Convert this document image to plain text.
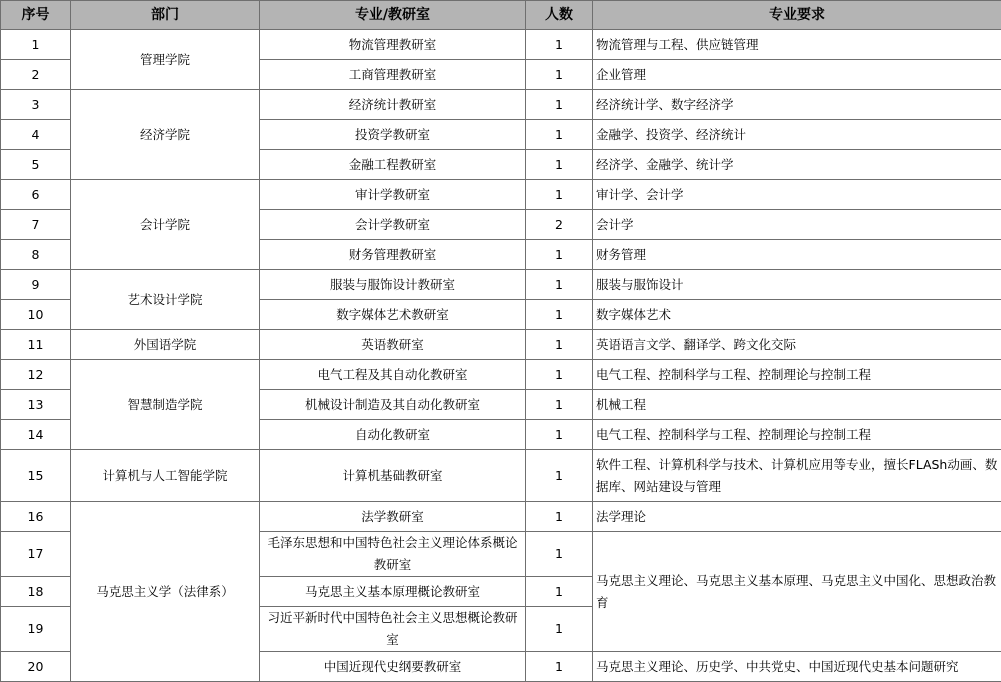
序号	部门	专业/教研室	人数	专业要求
1	管理学院	物流管理教研室	1	物流管理与工程、供应链管理
2		工商管理教研室	1	企业管理
3	经济学院	经济统计教研室	1	经济统计学、数字经济学
4		投资学教研室	1	金融学、投资学、经济统计
5		金融工程教研室	1	经济学、金融学、统计学
6	会计学院	审计学教研室	1	审计学、会计学
7		会计学教研室	2	会计学
8		财务管理教研室	1	财务管理
9	艺术设计学院	服装与服饰设计教研室	1	服装与服饰设计
10		数字媒体艺术教研室	1	数字媒体艺术
11	外国语学院	英语教研室	1	英语语言文学、翻译学、跨文化交际
12	智慧制造学院	电气工程及其自动化教研室	1	电气工程、控制科学与工程、控制理论与控制工程
13		机械设计制造及其自动化教研室	1	机械工程
14		自动化教研室	1	电气工程、控制科学与工程、控制理论与控制工程
15	计算机与人工智能学院	计算机基础教研室	1	软件工程、计算机科学与技术、计算机应用等专业，擅长FLASh动画、数据库、网站建设与管理
16	马克思主义学（法律系）	法学教研室	1	法学理论
17		毛泽东思想和中国特色社会主义理论体系概论教研室	1	马克思主义理论、马克思主义基本原理、马克思主义中国化、思想政治教育
18		马克思主义基本原理概论教研室	1	
19		习近平新时代中国特色社会主义思想概论教研室	1	
20		中国近现代史纲要教研室	1	马克思主义理论、历史学、中共党史、中国近现代史基本问题研究
